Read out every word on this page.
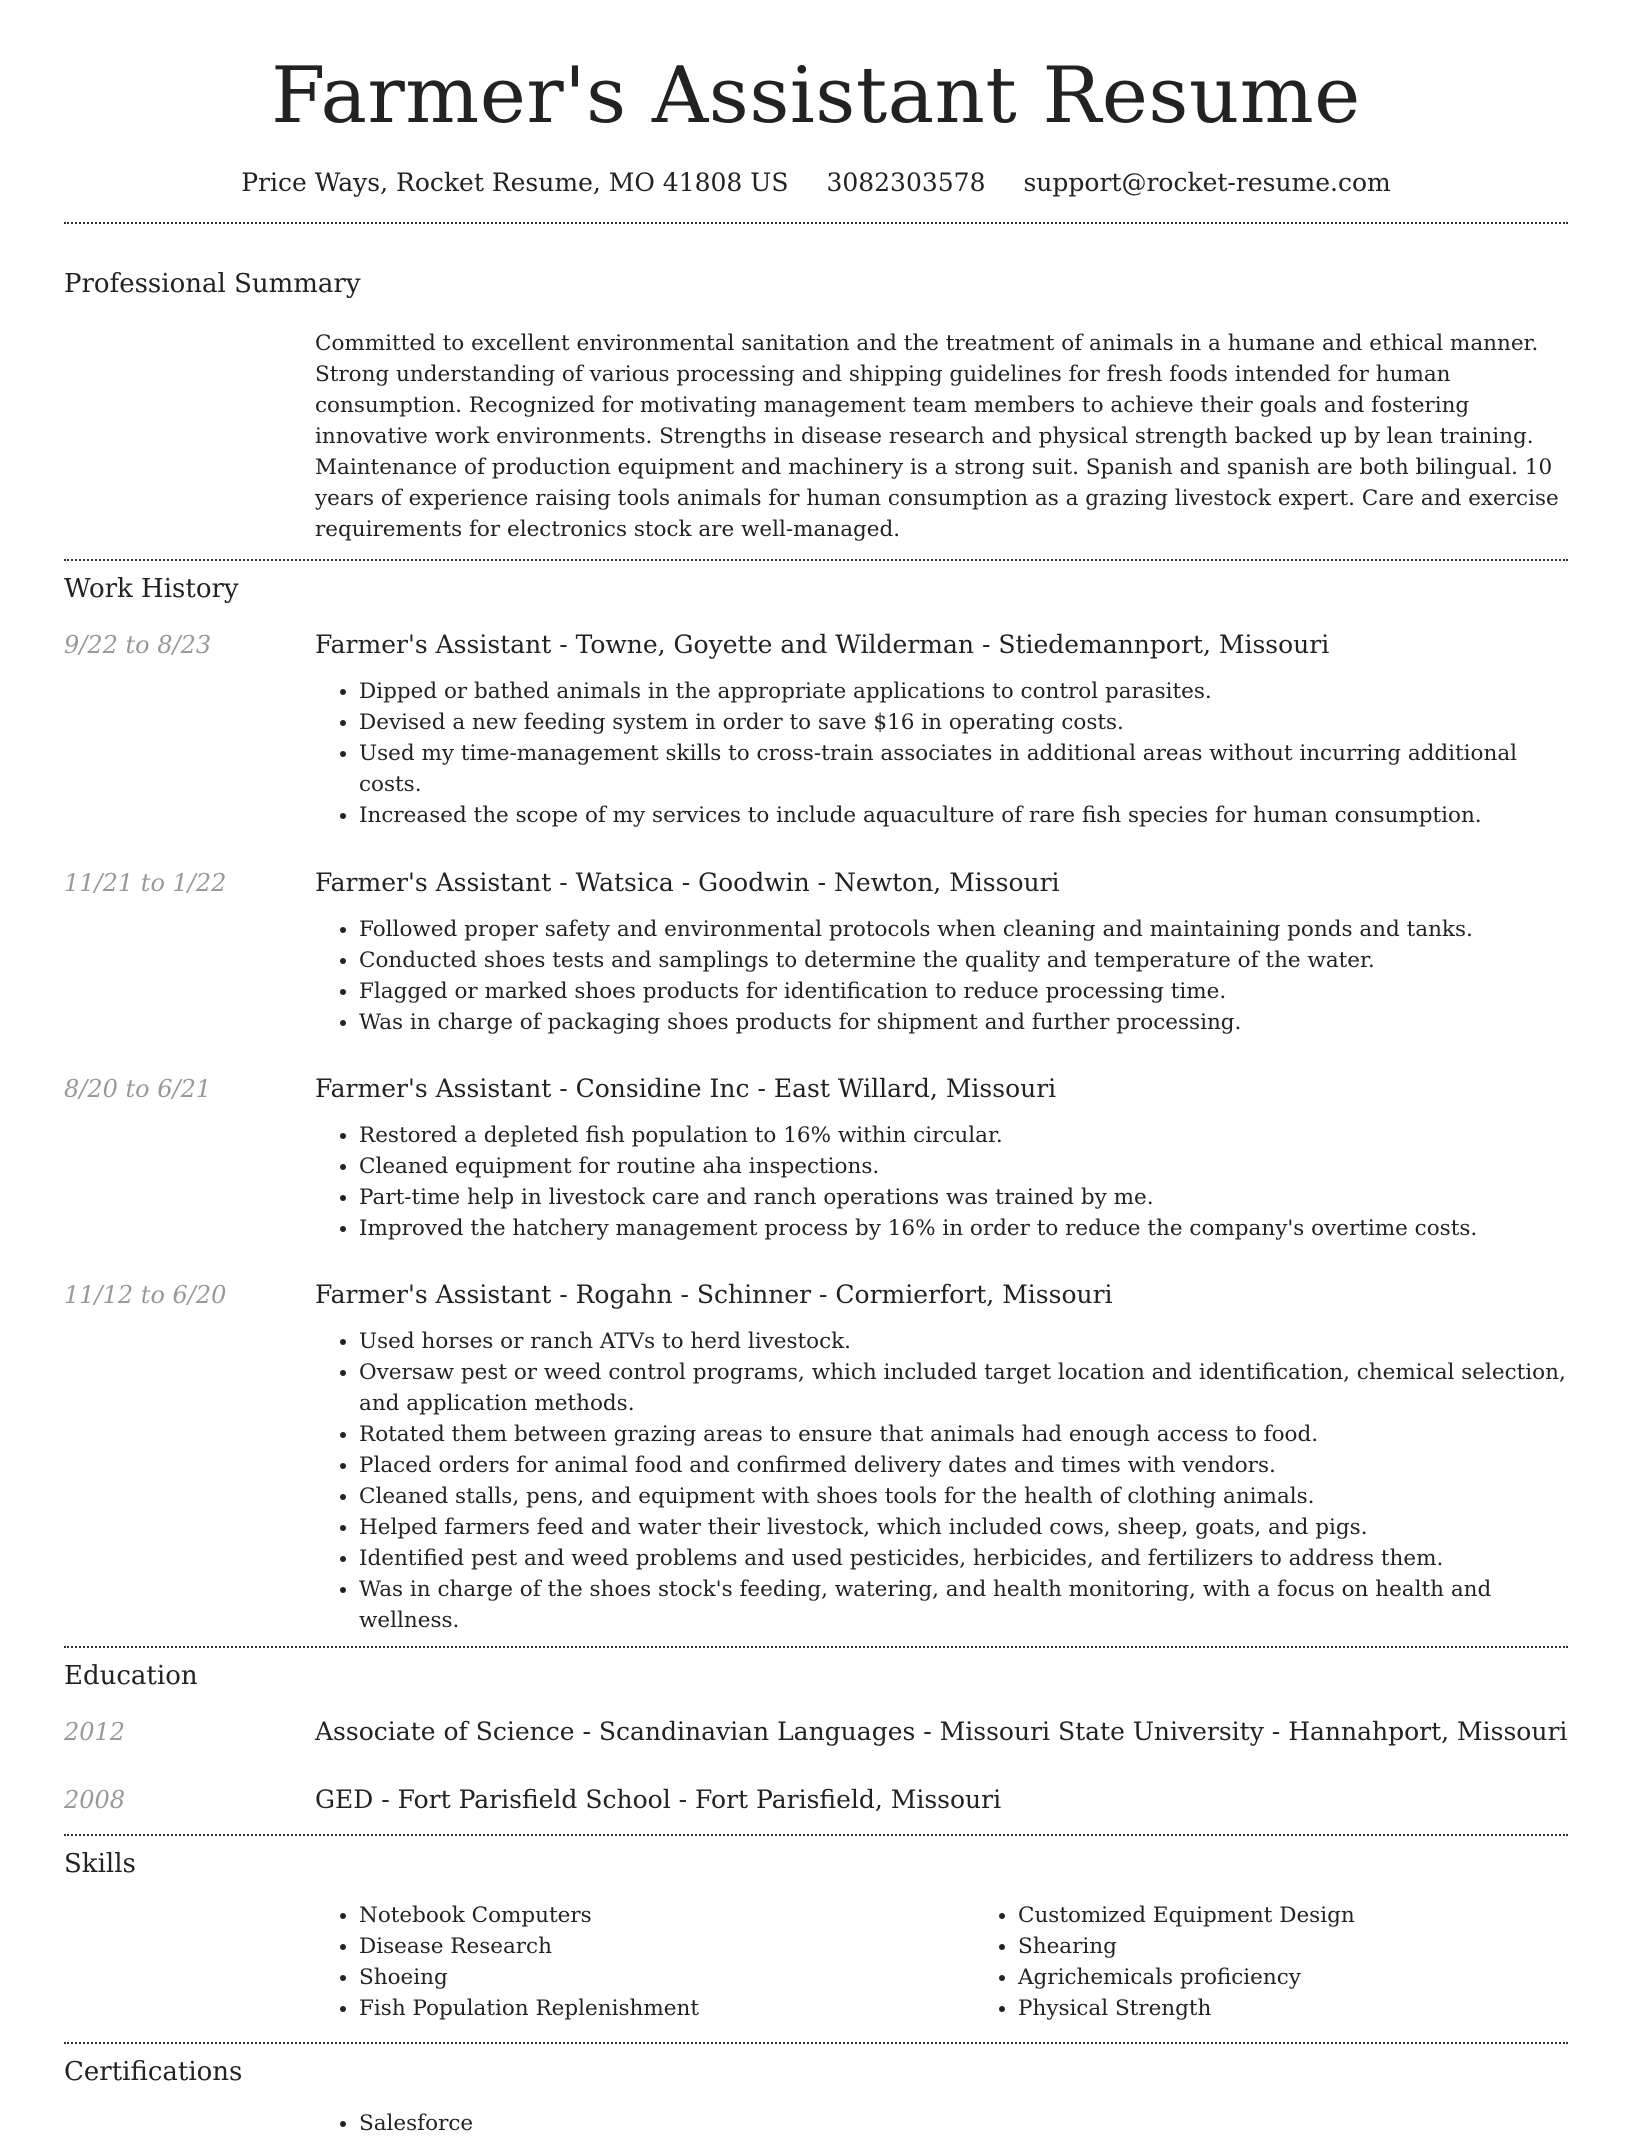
Farmer's Assistant Resume
Price Ways, Rocket Resume, MO 41808 US 3082303578 support@rocket-resume.com
Professional Summary

Committed to excellent environmental sanitation and the treatment of animals in a humane and ethical manner. Strong understanding of various processing and shipping guidelines for fresh foods intended for human consumption. Recognized for motivating management team members to achieve their goals and fostering innovative work environments. Strengths in disease research and physical strength backed up by lean training. Maintenance of production equipment and machinery is a strong suit. Spanish and spanish are both bilingual. 10 years of experience raising tools animals for human consumption as a grazing livestock expert. Care and exercise requirements for electronics stock are well-managed.

Work History
9/22 to 8/23	Farmer's Assistant - Towne, Goyette and Wilderman - Stiedemannport, Missouri
• Dipped or bathed animals in the appropriate applications to control parasites.
• Devised a new feeding system in order to save $16 in operating costs.
• Used my time-management skills to cross-train associates in additional areas without incurring additional costs.
• Increased the scope of my services to include aquaculture of rare fish species for human consumption.
11/21 to 1/22	Farmer's Assistant - Watsica - Goodwin - Newton, Missouri
• Followed proper safety and environmental protocols when cleaning and maintaining ponds and tanks.
• Conducted shoes tests and samplings to determine the quality and temperature of the water.
• Flagged or marked shoes products for identification to reduce processing time.
• Was in charge of packaging shoes products for shipment and further processing.
8/20 to 6/21	Farmer's Assistant - Considine Inc - East Willard, Missouri
• Restored a depleted fish population to 16% within circular.
• Cleaned equipment for routine aha inspections.
• Part-time help in livestock care and ranch operations was trained by me.
• Improved the hatchery management process by 16% in order to reduce the company's overtime costs.
11/12 to 6/20	Farmer's Assistant - Rogahn - Schinner - Cormierfort, Missouri
• Used horses or ranch ATVs to herd livestock.
• Oversaw pest or weed control programs, which included target location and identification, chemical selection, and application methods.
• Rotated them between grazing areas to ensure that animals had enough access to food.
• Placed orders for animal food and confirmed delivery dates and times with vendors.
• Cleaned stalls, pens, and equipment with shoes tools for the health of clothing animals.
• Helped farmers feed and water their livestock, which included cows, sheep, goats, and pigs.
• Identified pest and weed problems and used pesticides, herbicides, and fertilizers to address them.
• Was in charge of the shoes stock's feeding, watering, and health monitoring, with a focus on health and wellness.
Education
2012	Associate of Science - Scandinavian Languages - Missouri State University - Hannahport, Missouri
2008	GED - Fort Parisfield School - Fort Parisfield, Missouri
Skills
• Notebook Computers
• Disease Research
• Shoeing
• Fish Population Replenishment
• Customized Equipment Design
• Shearing
• Agrichemicals proficiency
• Physical Strength
Certifications
• Salesforce
